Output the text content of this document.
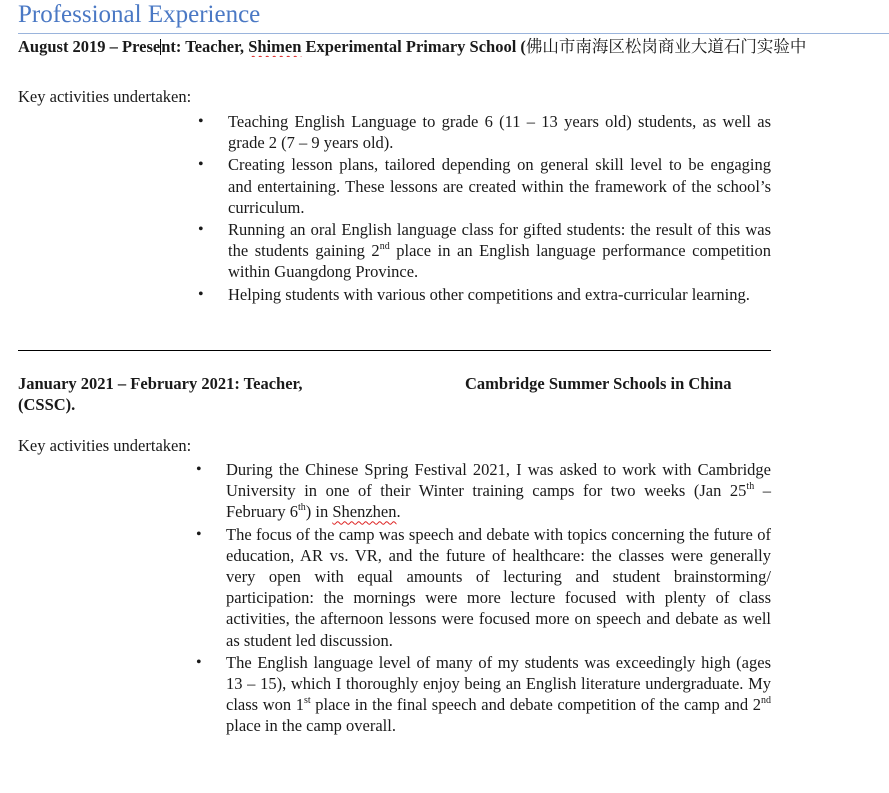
Professional Experience
August 2019 – Present: Teacher, Shimen Experimental Primary School (佛山市南海区松岗商业大道石门实验中
Key activities undertaken:
• Teaching English Language to grade 6 (11 – 13 years old) students, as well as grade 2 (7 – 9 years old).
• Creating lesson plans, tailored depending on general skill level to be engaging and entertaining. These lessons are created within the framework of the school’s curriculum.
• Running an oral English language class for gifted students: the result of this was the students gaining 2nd place in an English language performance competition within Guangdong Province.
• Helping students with various other competitions and extra-curricular learning.
January 2021 – February 2021: Teacher,
(CSSC).
Cambridge Summer Schools in China
Key activities undertaken:
• During the Chinese Spring Festival 2021, I was asked to work with Cambridge University in one of their Winter training camps for two weeks (Jan 25th – February 6th) in Shenzhen.
• The focus of the camp was speech and debate with topics concerning the future of education, AR vs. VR, and the future of healthcare: the classes were generally very open with equal amounts of lecturing and student brainstorming/ participation: the mornings were more lecture focused with plenty of class activities, the afternoon lessons were focused more on speech and debate as well as student led discussion.
• The English language level of many of my students was exceedingly high (ages 13 – 15), which I thoroughly enjoy being an English literature undergraduate. My class won 1st place in the final speech and debate competition of the camp and 2nd place in the camp overall.
